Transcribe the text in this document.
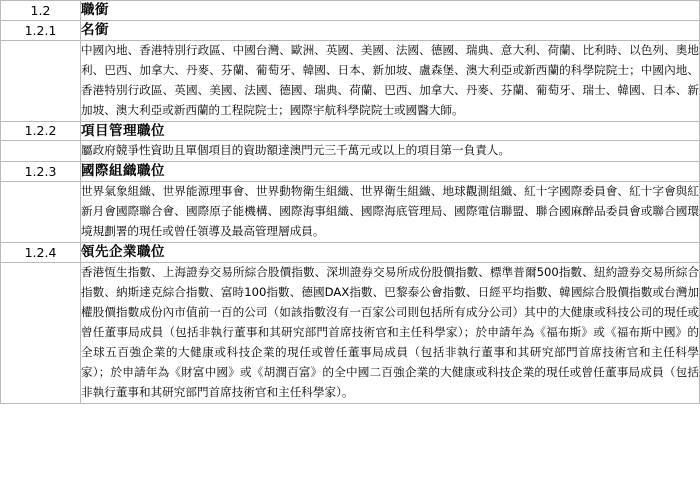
1.2	職銜
1.2.1	名銜
	中國內地、香港特別行政區、中國台灣、歐洲、英國、美國、法國、德國、瑞典、意大利、荷蘭、比利時、以色列、奧地利、巴西、加拿大、丹麥、芬蘭、葡萄牙、韓國、日本、新加坡、盧森堡、澳大利亞或新西蘭的科學院院士；中國內地、香港特別行政區、英國、美國、法國、德國、瑞典、荷蘭、巴西、加拿大、丹麥、芬蘭、葡萄牙、瑞士、韓國、日本、新加坡、澳大利亞或新西蘭的工程院院士；國際宇航科學院院士或國醫大師。
1.2.2	項目管理職位
	屬政府競爭性資助且單個項目的資助額達澳門元三千萬元或以上的項目第一負責人。
1.2.3	國際組織職位
	世界氣象組織、世界能源理事會、世界動物衛生組織、世界衛生組織、地球觀測組織、紅十字國際委員會、紅十字會與紅新月會國際聯合會、國際原子能機構、國際海事組織、國際海底管理局、國際電信聯盟、聯合國麻醉品委員會或聯合國環境規劃署的現任或曾任領導及最高管理層成員。
1.2.4	領先企業職位
	香港恆生指數、上海證券交易所綜合股價指數、深圳證券交易所成份股價指數、標準普爾500指數、紐約證券交易所綜合指數、納斯達克綜合指數、富時100指數、德國DAX指數、巴黎泰公會指數、日經平均指數、韓國綜合股價指數或台灣加權股價指數成份內市值前一百的公司（如該指數沒有一百家公司則包括所有成分公司）其中的大健康或科技公司的現任或曾任董事局成員（包括非執行董事和其研究部門首席技術官和主任科學家）；於申請年為《福布斯》或《福布斯中國》的全球五百強企業的大健康或科技企業的現任或曾任董事局成員（包括非執行董事和其研究部門首席技術官和主任科學家）；於申請年為《財富中國》或《胡潤百富》的全中國二百強企業的大健康或科技企業的現任或曾任董事局成員（包括非執行董事和其研究部門首席技術官和主任科學家）。
